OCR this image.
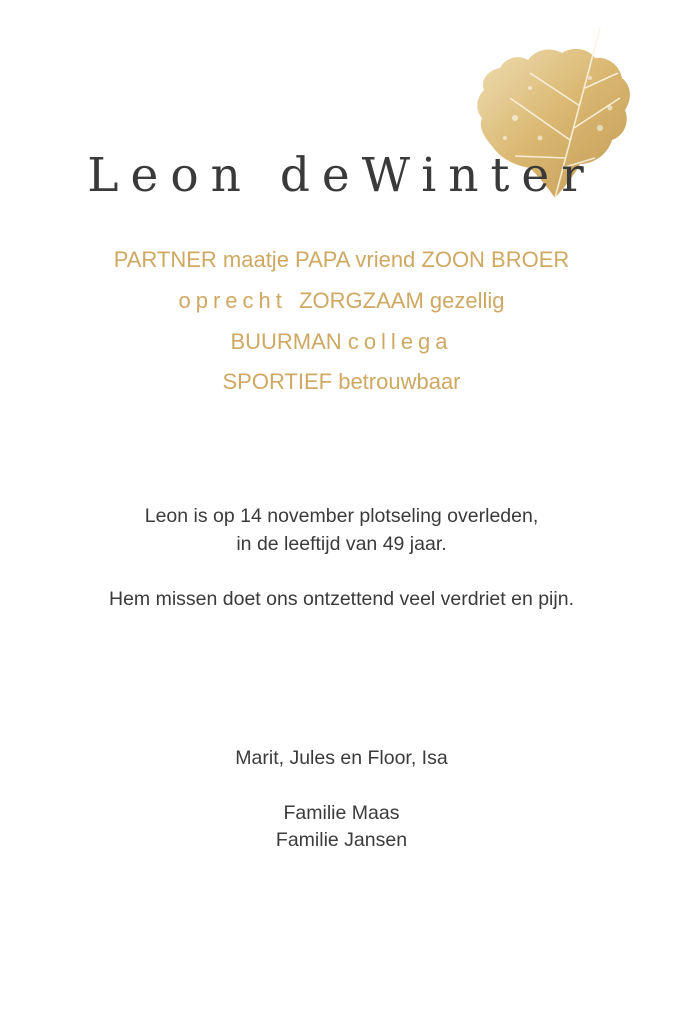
Leon deWinter
PARTNER maatje PAPA vriend ZOON BROER
oprecht ZORGZAAM gezellig
BUURMAN collega
SPORTIEF betrouwbaar
Leon is op 14 november plotseling overleden,
in de leeftijd van 49 jaar.
Hem missen doet ons ontzettend veel verdriet en pijn.
Marit, Jules en Floor, Isa
Familie Maas
Familie Jansen
